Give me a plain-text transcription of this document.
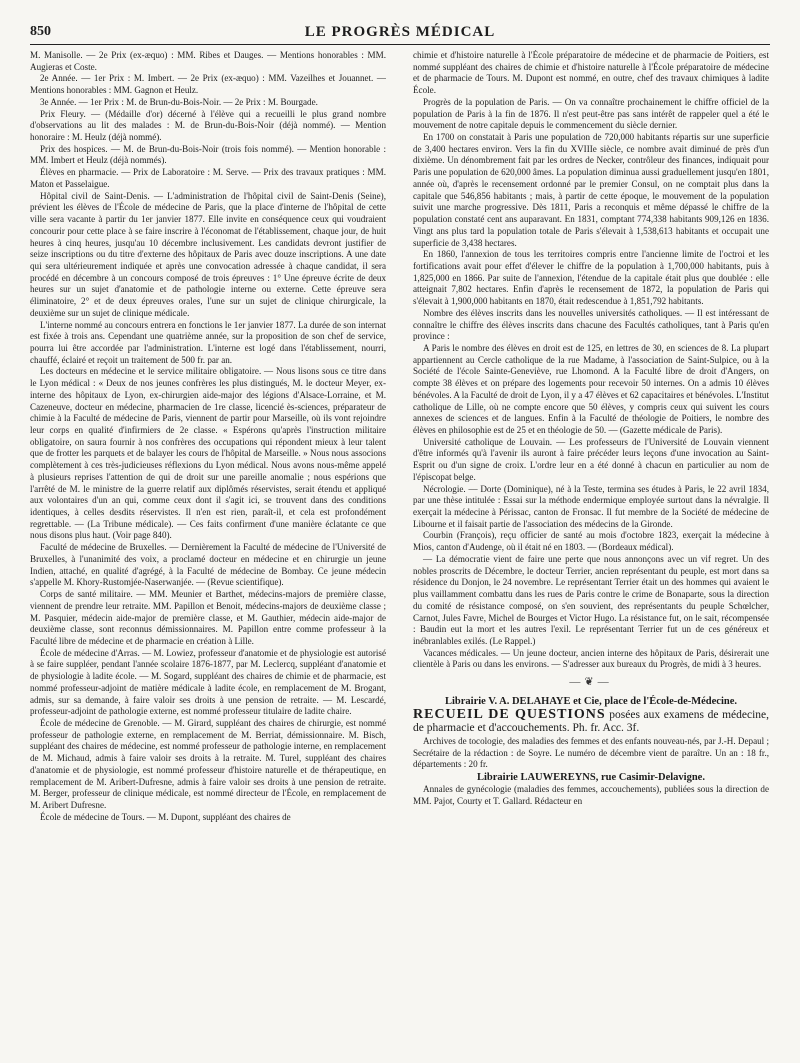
850	LE PROGRÈS MÉDICAL

M. Manisolle. — 2e Prix (ex-æquo) : MM. Ribes et Dauges. — Mentions honorables : MM. Augieras et Coste.

2e Année. — 1er Prix : M. Imbert. — 2e Prix (ex-æquo) : MM. Vazeilhes et Jouannet. — Mentions honorables : MM. Gagnon et Heulz.

3e Année. — 1er Prix : M. de Brun-du-Bois-Noir. — 2e Prix : M. Bourgade.

Prix Fleury. — (Médaille d'or) décerné à l'élève qui a recueilli le plus grand nombre d'observations au lit des malades : M. de Brun-du-Bois-Noir (déjà nommé). — Mention honoraire : M. Heulz (déjà nommé).

Prix des hospices. — M. de Brun-du-Bois-Noir (trois fois nommé). — Mention honorable : MM. Imbert et Heulz (déjà nommés).

Élèves en pharmacie. — Prix de Laboratoire : M. Serve. — Prix des travaux pratiques : MM. Maton et Passelaigue.

Hôpital civil de Saint-Denis. — L'administration de l'hôpital civil de Saint-Denis (Seine), prévient les élèves de l'École de médecine de Paris, que la place d'interne de l'hôpital de cette ville sera vacante à partir du 1er janvier 1877. Elle invite en conséquence ceux qui voudraient concourir pour cette place à se faire inscrire à l'économat de l'établissement, chaque jour, de huit heures à cinq heures, jusqu'au 10 décembre inclusivement. Les candidats devront justifier de seize inscriptions ou du titre d'externe des hôpitaux de Paris avec douze inscriptions. A une date qui sera ultérieurement indiquée et après une convocation adressée à chaque candidat, il sera procédé en décembre à un concours composé de trois épreuves : 1° Une épreuve écrite de deux heures sur un sujet d'anatomie et de pathologie interne ou externe. Cette épreuve sera éliminatoire, 2° et de deux épreuves orales, l'une sur un sujet de clinique chirurgicale, la deuxième sur un sujet de clinique médicale.

L'interne nommé au concours entrera en fonctions le 1er janvier 1877. La durée de son internat est fixée à trois ans. Cependant une quatrième année, sur la proposition de son chef de service, pourra lui être accordée par l'administration. L'interne est logé dans l'établissement, nourri, chauffé, éclairé et reçoit un traitement de 500 fr. par an.

Les docteurs en médecine et le service militaire obligatoire. — Nous lisons sous ce titre dans le Lyon médical : « Deux de nos jeunes confrères les plus distingués, M. le docteur Meyer, ex-interne des hôpitaux de Lyon, ex-chirurgien aide-major des légions d'Alsace-Lorraine, et M. Cazeneuve, docteur en médecine, pharmacien de 1re classe, licencié ès-sciences, préparateur de chimie à la Faculté de médecine de Paris, viennent de partir pour Marseille, où ils vont rejoindre leur corps en qualité d'infirmiers de 2e classe. « Espérons qu'après l'instruction militaire obligatoire, on saura fournir à nos confrères des occupations qui répondent mieux à leur talent que de frotter les parquets et de balayer les cours de l'hôpital de Marseille. » Nous nous associons complètement à ces très-judicieuses réflexions du Lyon médical. Nous avons nous-même appelé à plusieurs reprises l'attention de qui de droit sur une pareille anomalie ; nous espérions que l'arrêté de M. le ministre de la guerre relatif aux diplômés réservistes, serait étendu et appliqué aux volontaires d'un an qui, comme ceux dont il s'agit ici, se trouvent dans des conditions identiques, à celles desdits réservistes. Il n'en est rien, paraît-il, et cela est profondément regrettable. — (La Tribune médicale). — Ces faits confirment d'une manière éclatante ce que nous disons plus haut. (Voir page 840).

Faculté de médecine de Bruxelles. — Dernièrement la Faculté de médecine de l'Université de Bruxelles, à l'unanimité des voix, a proclamé docteur en médecine et en chirurgie un jeune Indien, attaché, en qualité d'agrégé, à la Faculté de médecine de Bombay. Ce jeune médecin s'appelle M. Khory-Rustomjée-Naserwanjée. — (Revue scientifique).

Corps de santé militaire. — MM. Meunier et Barthet, médecins-majors de première classe, viennent de prendre leur retraite. MM. Papillon et Benoit, médecins-majors de deuxième classe ; M. Pasquier, médecin aide-major de première classe, et M. Gauthier, médecin aide-major de deuxième classe, sont reconnus démissionnaires. M. Papillon entre comme professeur à la Faculté libre de médecine et de pharmacie en création à Lille.

École de médecine d'Arras. — M. Lowiez, professeur d'anatomie et de physiologie est autorisé à se faire suppléer, pendant l'année scolaire 1876-1877, par M. Leclercq, suppléant d'anatomie et de physiologie à ladite école. — M. Sogard, suppléant des chaires de chimie et de pharmacie, est nommé professeur-adjoint de matière médicale à ladite école, en remplacement de M. Brogant, admis, sur sa demande, à faire valoir ses droits à une pension de retraite. — M. Lescardé, professeur-adjoint de pathologie externe, est nommé professeur titulaire de ladite chaire.

École de médecine de Grenoble. — M. Girard, suppléant des chaires de chirurgie, est nommé professeur de pathologie externe, en remplacement de M. Berriat, démissionnaire. M. Bisch, suppléant des chaires de médecine, est nommé professeur de pathologie interne, en remplacement de M. Michaud, admis à faire valoir ses droits à la retraite. M. Turel, suppléant des chaires d'anatomie et de physiologie, est nommé professeur d'histoire naturelle et de thérapeutique, en remplacement de M. Aribert-Dufresne, admis à faire valoir ses droits à une pension de retraite. M. Berger, professeur de clinique médicale, est nommé directeur de l'École, en remplacement de M. Aribert Dufresne.

École de médecine de Tours. — M. Dupont, suppléant des chaires de

chimie et d'histoire naturelle à l'École préparatoire de médecine et de pharmacie de Poitiers, est nommé suppléant des chaires de chimie et d'histoire naturelle à l'École préparatoire de médecine et de pharmacie de Tours. M. Dupont est nommé, en outre, chef des travaux chimiques à ladite École.

Progrès de la population de Paris. — On va connaître prochainement le chiffre officiel de la population de Paris à la fin de 1876. Il n'est peut-être pas sans intérêt de rappeler quel a été le mouvement de notre capitale depuis le commencement du siècle dernier.

En 1700 on constatait à Paris une population de 720,000 habitants répartis sur une superficie de 3,400 hectares environ. Vers la fin du XVIIIe siècle, ce nombre avait diminué de près d'un dixième. Un dénombrement fait par les ordres de Necker, contrôleur des finances, indiquait pour Paris une population de 620,000 âmes. La population diminua aussi graduellement jusqu'en 1801, année où, d'après le recensement ordonné par le premier Consul, on ne comptait plus dans la capitale que 546,856 habitants ; mais, à partir de cette époque, le mouvement de la population suivit une marche progressive. Dès 1811, Paris a reconquis et même dépassé le chiffre de la population constaté cent ans auparavant. En 1831, comptant 774,338 habitants 909,126 en 1836. Vingt ans plus tard la population totale de Paris s'élevait à 1,538,613 habitants et occupait une superficie de 3,438 hectares.

En 1860, l'annexion de tous les territoires compris entre l'ancienne limite de l'octroi et les fortifications avait pour effet d'élever le chiffre de la population à 1,700,000 habitants, puis à 1,825,000 en 1866. Par suite de l'annexion, l'étendue de la capitale était plus que doublée : elle atteignait 7,802 hectares. Enfin d'après le recensement de 1872, la population de Paris qui s'élevait à 1,900,000 habitants en 1870, était redescendue à 1,851,792 habitants.

Nombre des élèves inscrits dans les nouvelles universités catholiques. — Il est intéressant de connaître le chiffre des élèves inscrits dans chacune des Facultés catholiques, tant à Paris qu'en province :

A Paris le nombre des élèves en droit est de 125, en lettres de 30, en sciences de 8. La plupart appartiennent au Cercle catholique de la rue Madame, à l'association de Saint-Sulpice, ou à la Société de l'école Sainte-Geneviève, rue Lhomond. A la Faculté libre de droit d'Angers, on compte 38 élèves et on prépare des logements pour recevoir 50 internes. On a admis 10 élèves bénévoles. A la Faculté de droit de Lyon, il y a 47 élèves et 62 capacitaires et bénévoles. L'Institut catholique de Lille, où ne compte encore que 50 élèves, y compris ceux qui suivent les cours annexes de sciences et de langues. Enfin à la Faculté de théologie de Poitiers, le nombre des élèves en philosophie est de 25 et en théologie de 50. — (Gazette médicale de Paris).

Université catholique de Louvain. — Les professeurs de l'Université de Louvain viennent d'être informés qu'à l'avenir ils auront à faire précéder leurs leçons d'une invocation au Saint-Esprit ou d'un signe de croix. L'ordre leur en a été donné à chacun en particulier au nom de l'épiscopat belge.

Nécrologie. — Dorte (Dominique), né à la Teste, termina ses études à Paris, le 22 avril 1834, par une thèse intitulée : Essai sur la méthode endermique employée surtout dans la névralgie. Il exerçait la médecine à Périssac, canton de Fronsac. Il fut membre de la Société de médecine de Libourne et il faisait partie de l'association des médecins de la Gironde.

Courbin (François), reçu officier de santé au mois d'octobre 1823, exerçait la médecine à Mios, canton d'Audenge, où il était né en 1803. — (Bordeaux médical).

— La démocratie vient de faire une perte que nous annonçons avec un vif regret. Un des nobles proscrits de Décembre, le docteur Terrier, ancien représentant du peuple, est mort dans sa résidence du Donjon, le 24 novembre. Le représentant Terrier était un des hommes qui avaient le plus vaillamment combattu dans les rues de Paris contre le crime de Bonaparte, sous la direction du comité de résistance composé, on s'en souvient, des représentants du peuple Schœlcher, Carnot, Jules Favre, Michel de Bourges et Victor Hugo. La résistance fut, on le sait, récompensée : Baudin eut la mort et les autres l'exil. Le représentant Terrier fut un de ces généreux et inébranlables exilés. (Le Rappel.)

Vacances médicales. — Un jeune docteur, ancien interne des hôpitaux de Paris, désirerait une clientèle à Paris ou dans les environs. — S'adresser aux bureaux du Progrès, de midi à 3 heures.

—❦—

Librairie V. A. DELAHAYE et Cie, place de l'École-de-Médecine.

RECUEIL DE QUESTIONS posées aux examens de médecine, de pharmacie et d'accouchements. Ph. fr. Acc. 3f.

Archives de tocologie, des maladies des femmes et des enfants nouveau-nés, par J.-H. Depaul ; Secrétaire de la rédaction : de Soyre. Le numéro de décembre vient de paraître. Un an : 18 fr., départements : 20 fr.

Librairie LAUWEREYNS, rue Casimir-Delavigne.

Annales de gynécologie (maladies des femmes, accouchements), publiées sous la direction de MM. Pajot, Courty et T. Gallard. Rédacteur en
